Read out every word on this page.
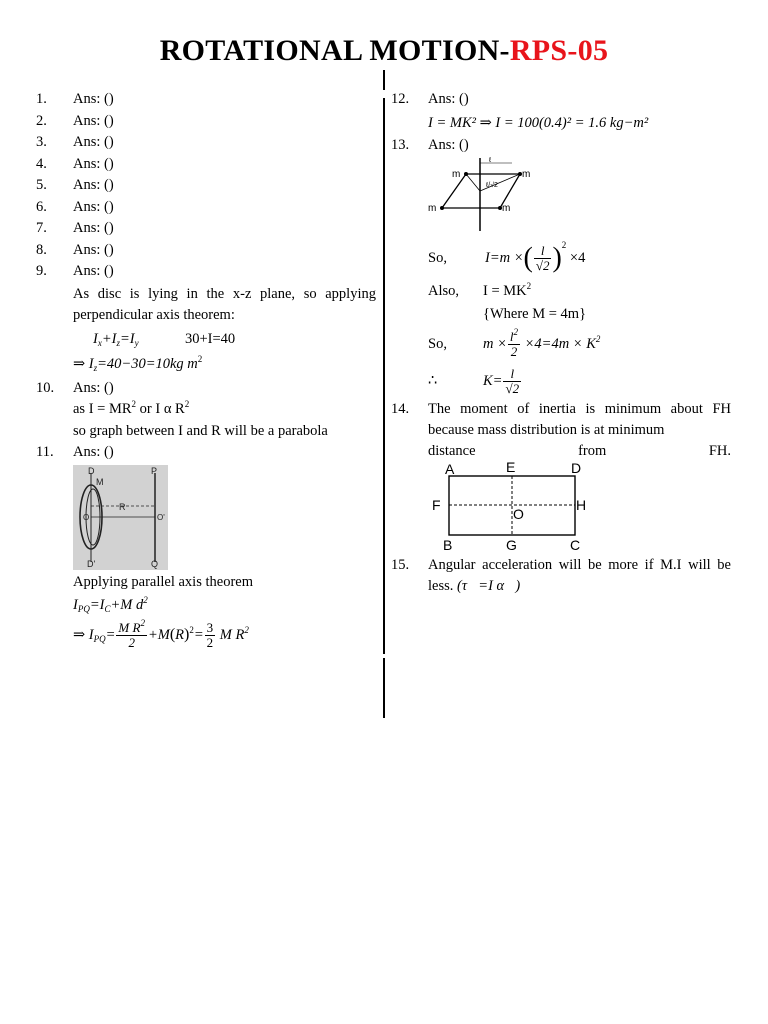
ROTATIONAL MOTION-RPS-05
1. Ans: ()
2. Ans: ()
3. Ans: ()
4. Ans: ()
5. Ans: ()
6. Ans: ()
7. Ans: ()
8. Ans: ()
9. Ans: ()
As disc is lying in the x-z plane, so applying perpendicular axis theorem:
$I_x+I_z=I_y$	30+I=40
⇒ $I_z=40-30=10kg$ $m^2$
10. Ans: ()
as $I = MR^2$ or I α $R^2$
so graph between I and R will be a parabola
11. Ans: ()
D	P
M
O
R
O'
D'	Q
Applying parallel axis theorem
$I_{PQ}=I_C+M$ $d^2$
⇒ $I_{PQ}= \frac{M R^2}{2} +M(R)^2= \frac{3}{2}$ M $R^2$
12. Ans: ()
I = MK² ⇒ I = 100(0.4)² = 1.6 kg−m²
13. Ans: ()
m	m
m	m
ℓ
ℓ/√2
So,	I=m ×( $\frac{l}{√2} )^2 \times 4$
Also, $I = MK^2$
{Where M = 4m}
So, $m \times \frac{l^2}{2} \times 4=4m \times K^2$
∴	$K= \frac{l}{√2}$
14. The moment of inertia is minimum about FH because mass distribution is at minimum
distance	from	FH.
A	E	D
F
O
H
B	G	C
15. Angular acceleration will be more if M.I will be less. (τ⃗=I α⃗)
